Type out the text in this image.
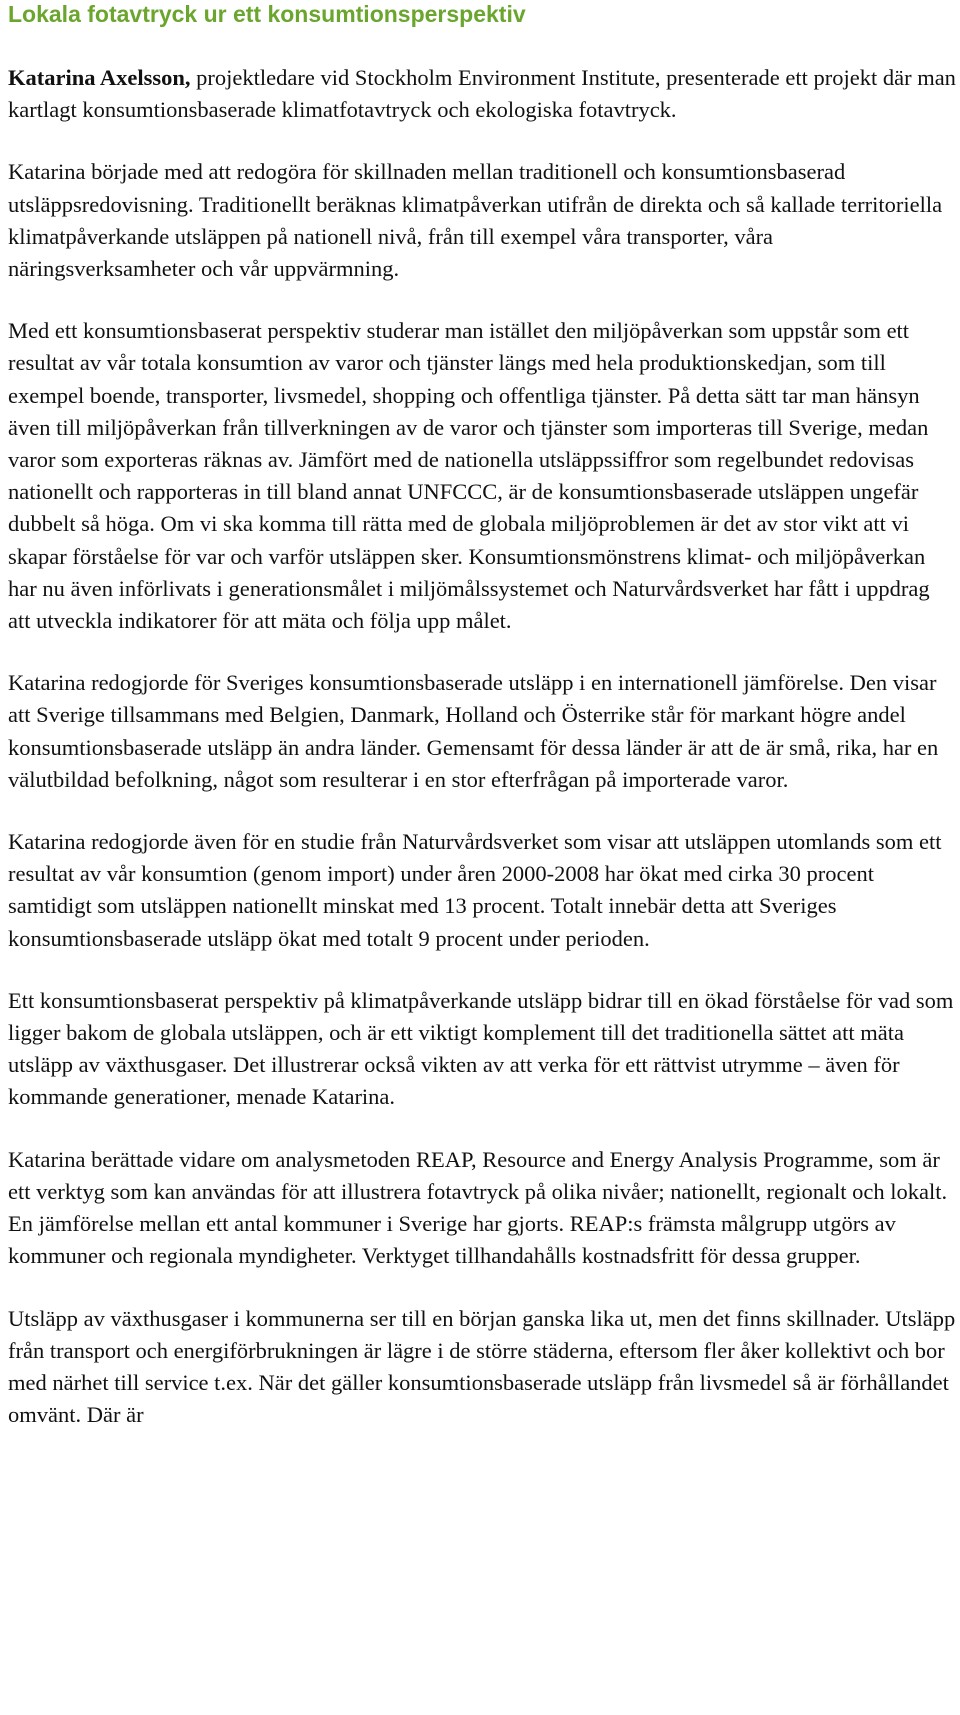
Lokala fotavtryck ur ett konsumtionsperspektiv

Katarina Axelsson, projektledare vid Stockholm Environment Institute, presenterade ett projekt där man kartlagt konsumtionsbaserade klimatfotavtryck och ekologiska fotavtryck.

Katarina började med att redogöra för skillnaden mellan traditionell och konsumtionsbaserad utsläppsredovisning. Traditionellt beräknas klimatpåverkan utifrån de direkta och så kallade territoriella klimatpåverkande utsläppen på nationell nivå, från till exempel våra transporter, våra näringsverksamheter och vår uppvärmning.

Med ett konsumtionsbaserat perspektiv studerar man istället den miljöpåverkan som uppstår som ett resultat av vår totala konsumtion av varor och tjänster längs med hela produktionskedjan, som till exempel boende, transporter, livsmedel, shopping och offentliga tjänster. På detta sätt tar man hänsyn även till miljöpåverkan från tillverkningen av de varor och tjänster som importeras till Sverige, medan varor som exporteras räknas av. Jämfört med de nationella utsläppssiffror som regelbundet redovisas nationellt och rapporteras in till bland annat UNFCCC, är de konsumtionsbaserade utsläppen ungefär dubbelt så höga. Om vi ska komma till rätta med de globala miljöproblemen är det av stor vikt att vi skapar förståelse för var och varför utsläppen sker. Konsumtionsmönstrens klimat- och miljöpåverkan har nu även införlivats i generationsmålet i miljömålssystemet och Naturvårdsverket har fått i uppdrag att utveckla indikatorer för att mäta och följa upp målet.

Katarina redogjorde för Sveriges konsumtionsbaserade utsläpp i en internationell jämförelse. Den visar att Sverige tillsammans med Belgien, Danmark, Holland och Österrike står för markant högre andel konsumtionsbaserade utsläpp än andra länder. Gemensamt för dessa länder är att de är små, rika, har en välutbildad befolkning, något som resulterar i en stor efterfrågan på importerade varor.

Katarina redogjorde även för en studie från Naturvårdsverket som visar att utsläppen utomlands som ett resultat av vår konsumtion (genom import) under åren 2000-2008 har ökat med cirka 30 procent samtidigt som utsläppen nationellt minskat med 13 procent. Totalt innebär detta att Sveriges konsumtionsbaserade utsläpp ökat med totalt 9 procent under perioden.

Ett konsumtionsbaserat perspektiv på klimatpåverkande utsläpp bidrar till en ökad förståelse för vad som ligger bakom de globala utsläppen, och är ett viktigt komplement till det traditionella sättet att mäta utsläpp av växthusgaser. Det illustrerar också vikten av att verka för ett rättvist utrymme – även för kommande generationer, menade Katarina.

Katarina berättade vidare om analysmetoden REAP, Resource and Energy Analysis Programme, som är ett verktyg som kan användas för att illustrera fotavtryck på olika nivåer; nationellt, regionalt och lokalt. En jämförelse mellan ett antal kommuner i Sverige har gjorts. REAP:s främsta målgrupp utgörs av kommuner och regionala myndigheter. Verktyget tillhandahålls kostnadsfritt för dessa grupper.

Utsläpp av växthusgaser i kommunerna ser till en början ganska lika ut, men det finns skillnader. Utsläpp från transport och energiförbrukningen är lägre i de större städerna, eftersom fler åker kollektivt och bor med närhet till service t.ex. När det gäller konsumtionsbaserade utsläpp från livsmedel så är förhållandet omvänt. Där är
